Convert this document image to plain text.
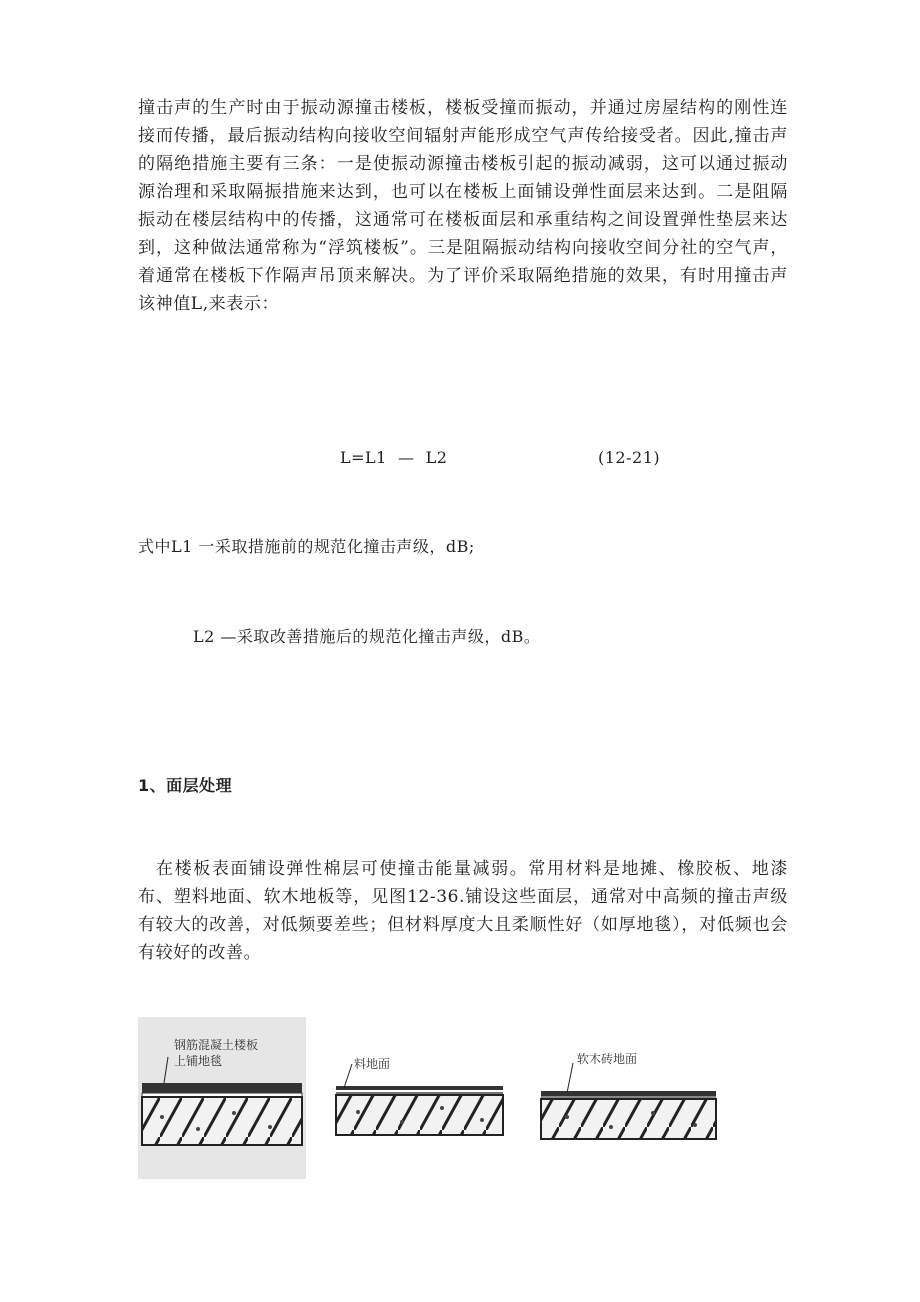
撞击声的生产时由于振动源撞击楼板，楼板受撞而振动，并通过房屋结构的刚性连接而传播，最后振动结构向接收空间辐射声能形成空气声传给接受者。因此,撞击声的隔绝措施主要有三条：一是使振动源撞击楼板引起的振动减弱，这可以通过振动源治理和采取隔振措施来达到，也可以在楼板上面铺设弹性面层来达到。二是阻隔振动在楼层结构中的传播，这通常可在楼板面层和承重结构之间设置弹性垫层来达到，这种做法通常称为“浮筑楼板”。三是阻隔振动结构向接收空间分社的空气声，着通常在楼板下作隔声吊顶来解决。为了评价采取隔绝措施的效果，有时用撞击声该神值L,来表示：

L=L1  —  L2	(12-21)
式中L1 一采取措施前的规范化撞击声级，dB;
L2 —采取改善措施后的规范化撞击声级，dB。
1、面层处理

在楼板表面铺设弹性棉层可使撞击能量减弱。常用材料是地摊、橡胶板、地漆布、塑料地面、软木地板等，见图12-36.铺设这些面层，通常对中高频的撞击声级有较大的改善，对低频要差些；但材料厚度大且柔顺性好（如厚地毯），对低频也会有较好的改善。

钢筋混凝土楼板
上铺地毯	料地面	软木砖地面
